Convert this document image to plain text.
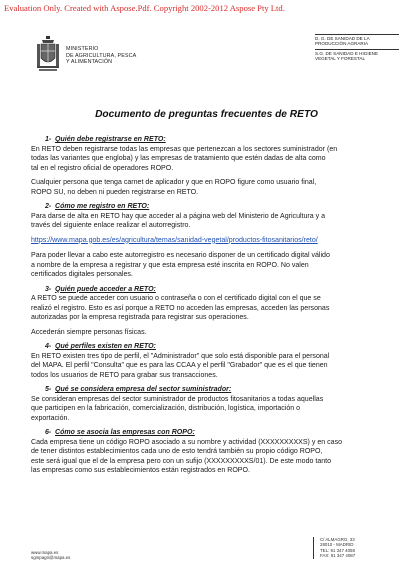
Evaluation Only. Created with Aspose.Pdf. Copyright 2002-2012 Aspose Pty Ltd.
MINISTERIO
DE AGRICULTURA, PESCA
Y ALIMENTACIÓN
D. G. DE SANIDAD DE LA
PRODUCCIÓN AGRARIA
S.G. DE SANIDAD E HIGIENE
VEGETAL Y FORESTAL
Documento de preguntas frecuentes de RETO
1- Quién debe registrarse en RETO:
En RETO deben registrarse todas las empresas que pertenezcan a los sectores suministrador (en
todas las variantes que engloba) y las empresas de tratamiento que estén dadas de alta como
tal en el registro oficial de operadores ROPO.
Cualquier persona que tenga carnet de aplicador y que en ROPO figure como usuario final,
ROPO SU, no deben ni pueden registrarse en RETO.
2- Cómo me registro en RETO:
Para darse de alta en RETO hay que acceder al a página web del Ministerio de Agricultura y a
través del siguiente enlace realizar el autorregistro.
https://www.mapa.gob.es/es/agricultura/temas/sanidad-vegetal/productos-fitosanitarios/reto/
Para poder llevar a cabo este autorregistro es necesario disponer de un certificado digital válido
a nombre de la empresa a registrar y que esta empresa esté inscrita en ROPO. No valen
certificados digitales personales.
3- Quién puede acceder a RETO:
A RETO se puede acceder con usuario o contraseña o con el certificado digital con el que se
realizó el registro. Esto es así porque a RETO no acceden las empresas, acceden las personas
autorizadas por la empresa registrada para registrar sus operaciones.
Accederán siempre personas físicas.
4- Qué perfiles existen en RETO:
En RETO existen tres tipo de perfil, el "Administrador" que solo está disponible para el personal
del MAPA. El perfil "Consulta" que es para las CCAA y el perfil "Grabador" que es el que tienen
todos los usuarios de RETO para grabar sus transacciones.
5- Qué se considera empresa del sector suministrador:
Se consideran empresas del sector suministrador de productos fitosanitarios a todas aquellas
que participen en la fabricación, comercialización, distribución, logística, importación o
exportación.
6- Cómo se asocia las empresas con ROPO:
Cada empresa tiene un código ROPO asociado a su nombre y actividad (XXXXXXXXXS) y en caso
de tener distintos establecimientos cada uno de esto tendrá también su propio código ROPO,
este será igual que el de la empresa pero con un sufijo (XXXXXXXXXS/01). De este modo tanto
las empresas como sus establecimientos están registrados en ROPO.
www.mapa.es
sgmpagri@mapa.es
C/ ALMAGRO, 33
28010 - MADRID
TEL: 91 347 4058
FAX: 91 347 4087
